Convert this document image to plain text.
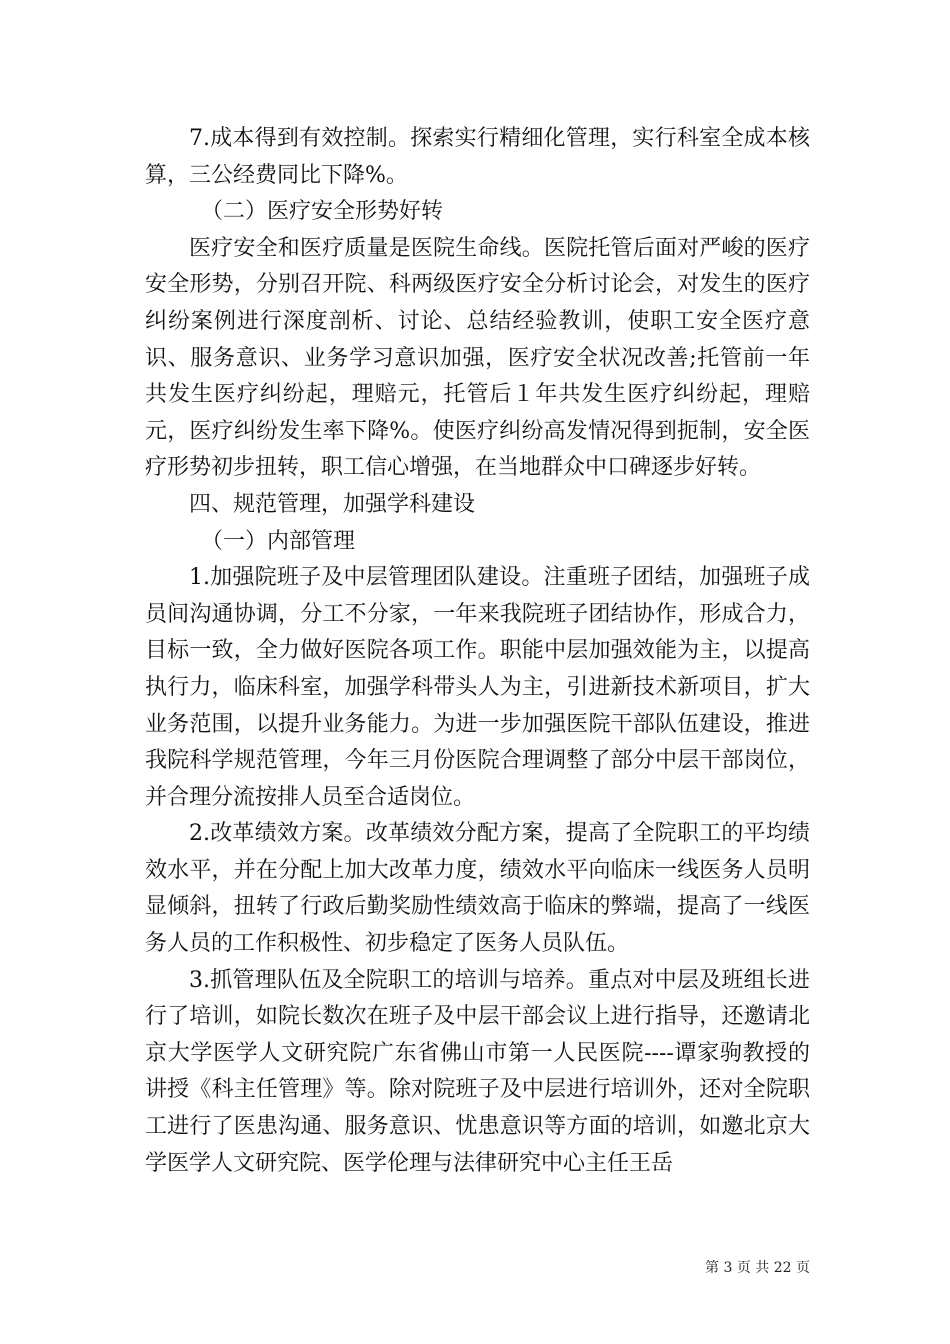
7.成本得到有效控制。探索实行精细化管理，实行科室全成本核算，三公经费同比下降%。

（二）医疗安全形势好转

医疗安全和医疗质量是医院生命线。医院托管后面对严峻的医疗安全形势，分别召开院、科两级医疗安全分析讨论会，对发生的医疗纠纷案例进行深度剖析、讨论、总结经验教训，使职工安全医疗意识、服务意识、业务学习意识加强，医疗安全状况改善;托管前一年共发生医疗纠纷起，理赔元，托管后１年共发生医疗纠纷起，理赔元，医疗纠纷发生率下降%。使医疗纠纷高发情况得到扼制，安全医疗形势初步扭转，职工信心增强，在当地群众中口碑逐步好转。

四、规范管理，加强学科建设

（一）内部管理

1.加强院班子及中层管理团队建设。注重班子团结，加强班子成员间沟通协调，分工不分家，一年来我院班子团结协作，形成合力，目标一致，全力做好医院各项工作。职能中层加强效能为主，以提高执行力，临床科室，加强学科带头人为主，引进新技术新项目，扩大业务范围，以提升业务能力。为进一步加强医院干部队伍建设，推进我院科学规范管理，今年三月份医院合理调整了部分中层干部岗位，并合理分流按排人员至合适岗位。

2.改革绩效方案。改革绩效分配方案，提高了全院职工的平均绩效水平，并在分配上加大改革力度，绩效水平向临床一线医务人员明显倾斜，扭转了行政后勤奖励性绩效高于临床的弊端，提高了一线医务人员的工作积极性、初步稳定了医务人员队伍。

3.抓管理队伍及全院职工的培训与培养。重点对中层及班组长进行了培训，如院长数次在班子及中层干部会议上进行指导，还邀请北京大学医学人文研究院广东省佛山市第一人民医院----谭家驹教授的讲授《科主任管理》等。除对院班子及中层进行培训外，还对全院职工进行了医患沟通、服务意识、忧患意识等方面的培训，如邀北京大学医学人文研究院、医学伦理与法律研究中心主任王岳

第 3 页 共 22 页
